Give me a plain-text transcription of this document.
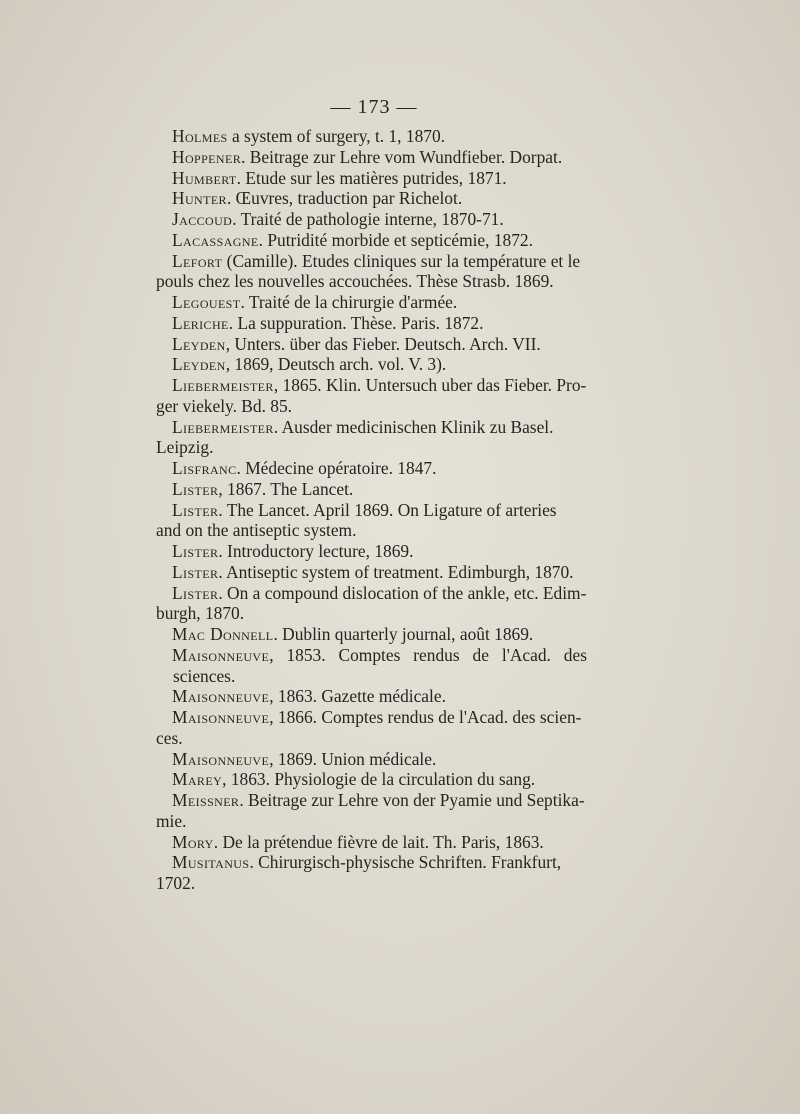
— 173 —

Holmes a system of surgery, t. 1, 1870.

Hoppener. Beitrage zur Lehre vom Wundfieber. Dorpat.

Humbert. Etude sur les matières putrides, 1871.

Hunter. Œuvres, traduction par Richelot.

Jaccoud. Traité de pathologie interne, 1870-71.

Lacassagne. Putridité morbide et septicémie, 1872.

Lefort (Camille). Etudes cliniques sur la température et le

pouls chez les nouvelles accouchées. Thèse Strasb. 1869.

Legouest. Traité de la chirurgie d'armée.

Leriche. La suppuration. Thèse. Paris. 1872.

Leyden, Unters. über das Fieber. Deutsch. Arch. VII.

Leyden, 1869, Deutsch arch. vol. V. 3).

Liebermeister, 1865. Klin. Untersuch uber das Fieber. Pro-

ger viekely. Bd. 85.

Liebermeister. Ausder medicinischen Klinik zu Basel.

Leipzig.

Lisfranc. Médecine opératoire. 1847.

Lister, 1867. The Lancet.

Lister. The Lancet. April 1869. On Ligature of arteries

and on the antiseptic system.

Lister. Introductory lecture, 1869.

Lister. Antiseptic system of treatment. Edimburgh, 1870.

Lister. On a compound dislocation of the ankle, etc. Edim-

burgh, 1870.

Mac Donnell. Dublin quarterly journal, août 1869.

Maisonneuve, 1853. Comptes rendus de l'Acad. des sciences.

Maisonneuve, 1863. Gazette médicale.

Maisonneuve, 1866. Comptes rendus de l'Acad. des scien-

ces.

Maisonneuve, 1869. Union médicale.

Marey, 1863. Physiologie de la circulation du sang.

Meissner. Beitrage zur Lehre von der Pyamie und Septika-

mie.

Mory. De la prétendue fièvre de lait. Th. Paris, 1863.

Musitanus. Chirurgisch-physische Schriften. Frankfurt,

1702.
